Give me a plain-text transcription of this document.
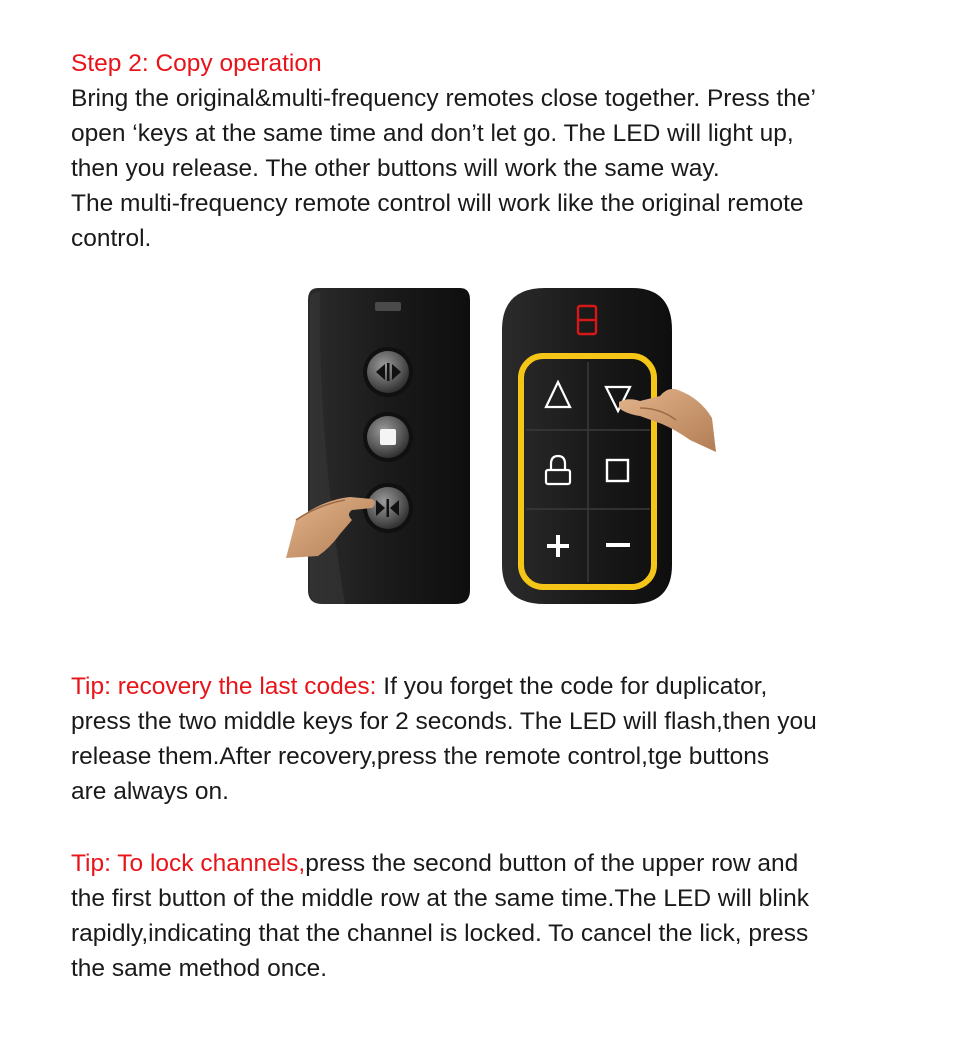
Step 2: Copy operation
Bring the original&multi-frequency remotes close together. Press the’
open ‘keys at the same time and don’t let go. The LED will light up,
then you release. The other buttons will work the same way.
The multi-frequency remote control will work like the original remote
control.
Tip: recovery the last codes: If you forget the code for duplicator,
press the two middle keys for 2 seconds. The LED will flash,then you
release them.After recovery,press the remote control,tge buttons
are always on.
Tip: To lock channels,press the second button of the upper row and
the first button of the middle row at the same time.The LED will blink
rapidly,indicating that the channel is locked. To cancel the lick, press
the same method once.
